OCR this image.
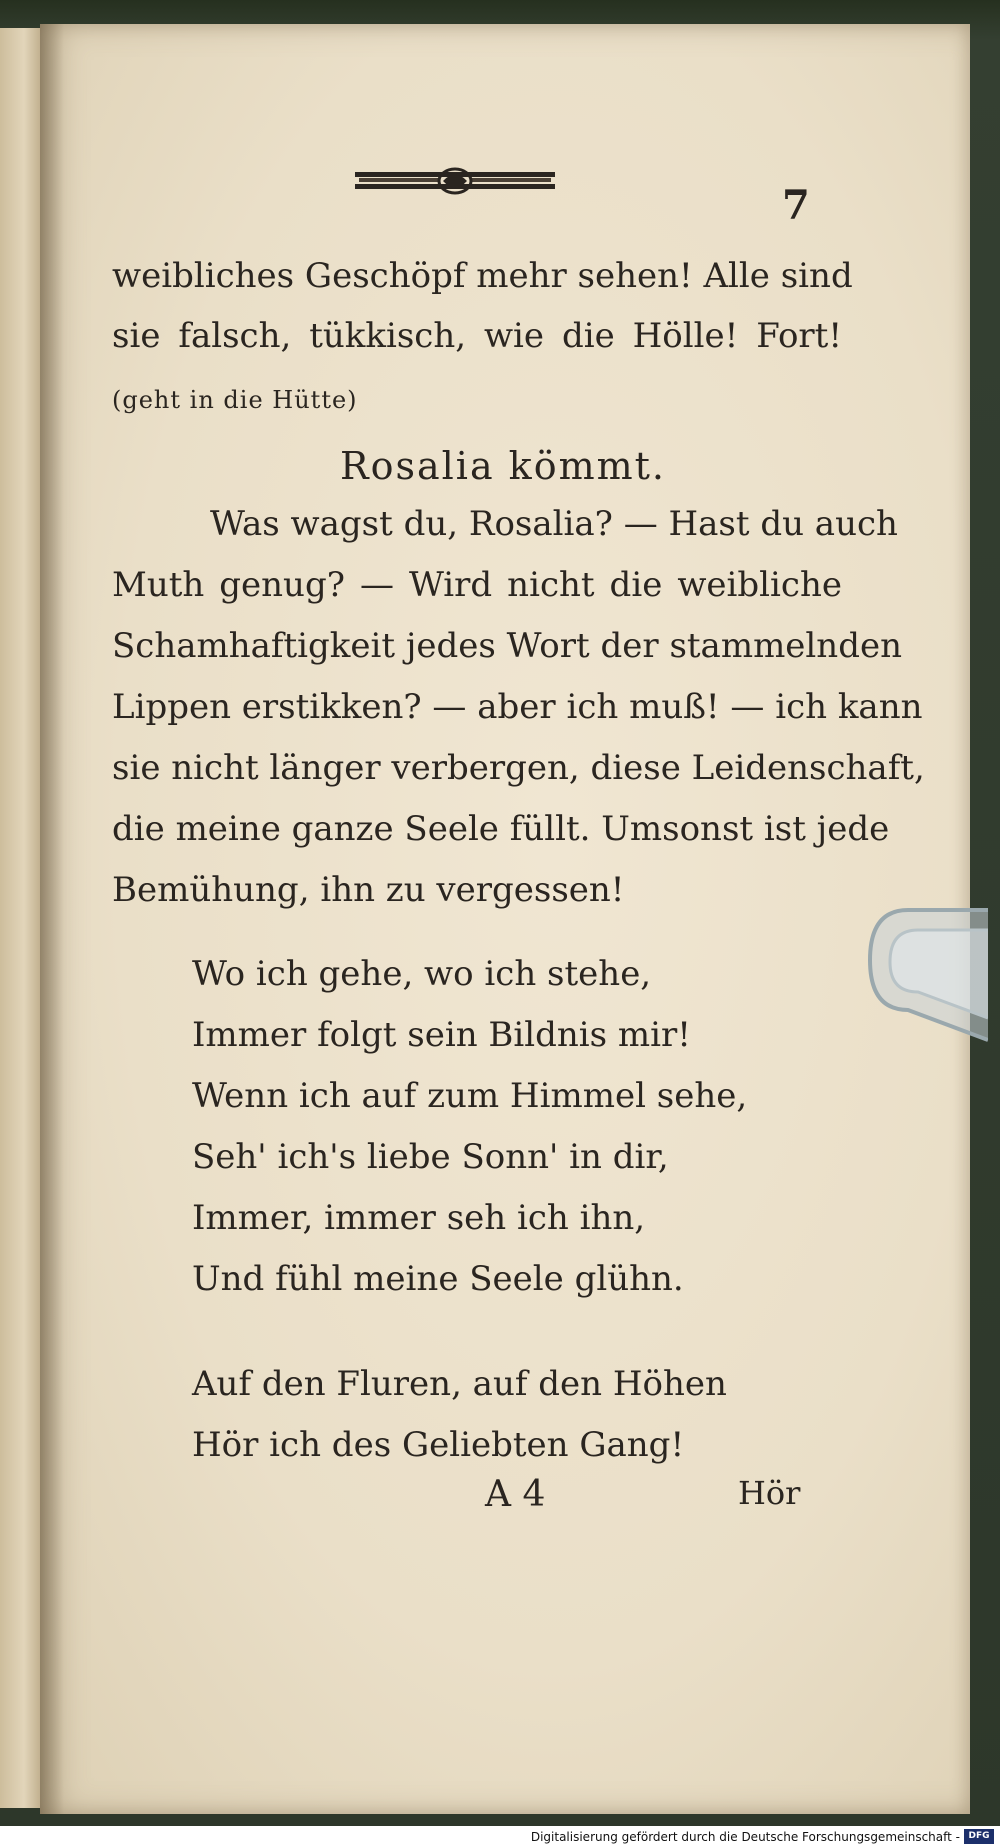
7
weibliches Geschöpf mehr sehen! Alle sind
sie falsch, tükkisch, wie die Hölle! Fort!
(geht in die Hütte)
Rosalia kömmt.
Was wagst du, Rosalia? — Hast du auch
Muth genug? — Wird nicht die weibliche
Schamhaftigkeit jedes Wort der stammelnden
Lippen erstikken? — aber ich muß! — ich kann
sie nicht länger verbergen, diese Leidenschaft,
die meine ganze Seele füllt. Umsonst ist jede
Bemühung, ihn zu vergessen!
Wo ich gehe, wo ich stehe,
Immer folgt sein Bildnis mir!
Wenn ich auf zum Himmel sehe,
Seh' ich's liebe Sonn' in dir,
Immer, immer seh ich ihn,
Und fühl meine Seele glühn.
Auf den Fluren, auf den Höhen
Hör ich des Geliebten Gang!
A 4	Hör
Digitalisierung gefördert durch die Deutsche Forschungsgemeinschaft - DFG
